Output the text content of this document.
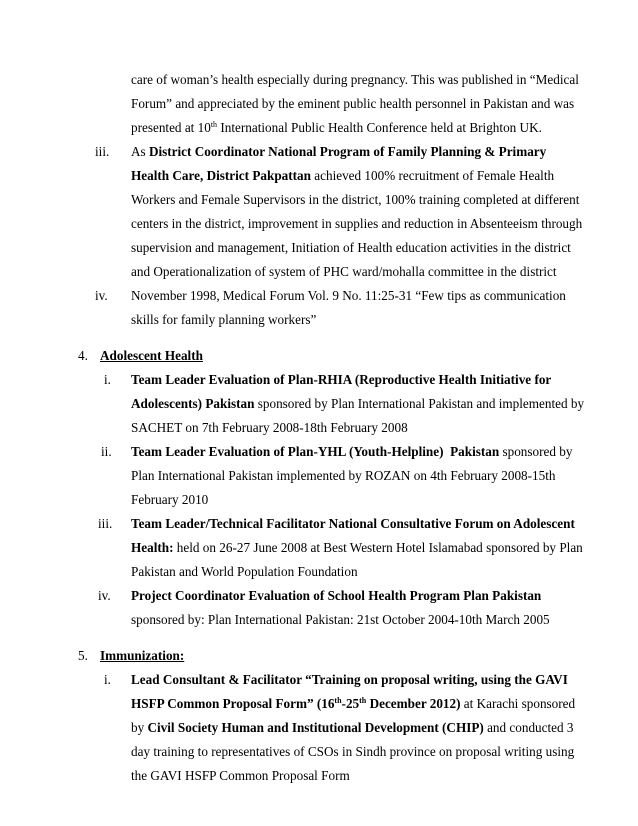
care of woman’s health especially during pregnancy. This was published in “Medical
Forum” and appreciated by the eminent public health personnel in Pakistan and was
presented at 10th International Public Health Conference held at Brighton UK.
iii. As District Coordinator National Program of Family Planning & Primary
Health Care, District Pakpattan achieved 100% recruitment of Female Health
Workers and Female Supervisors in the district, 100% training completed at different
centers in the district, improvement in supplies and reduction in Absenteeism through
supervision and management, Initiation of Health education activities in the district
and Operationalization of system of PHC ward/mohalla committee in the district
iv. November 1998, Medical Forum Vol. 9 No. 11:25-31 “Few tips as communication
skills for family planning workers”
4. Adolescent Health
i. Team Leader Evaluation of Plan-RHIA (Reproductive Health Initiative for
Adolescents) Pakistan sponsored by Plan International Pakistan and implemented by
SACHET on 7th February 2008-18th February 2008
ii. Team Leader Evaluation of Plan-YHL (Youth-Helpline)  Pakistan sponsored by
Plan International Pakistan implemented by ROZAN on 4th February 2008-15th
February 2010
iii. Team Leader/Technical Facilitator National Consultative Forum on Adolescent
Health: held on 26-27 June 2008 at Best Western Hotel Islamabad sponsored by Plan
Pakistan and World Population Foundation
iv. Project Coordinator Evaluation of School Health Program Plan Pakistan
sponsored by: Plan International Pakistan: 21st October 2004-10th March 2005
5. Immunization:
i. Lead Consultant & Facilitator “Training on proposal writing, using the GAVI
HSFP Common Proposal Form” (16th-25th December 2012) at Karachi sponsored
by Civil Society Human and Institutional Development (CHIP) and conducted 3
day training to representatives of CSOs in Sindh province on proposal writing using
the GAVI HSFP Common Proposal Form
